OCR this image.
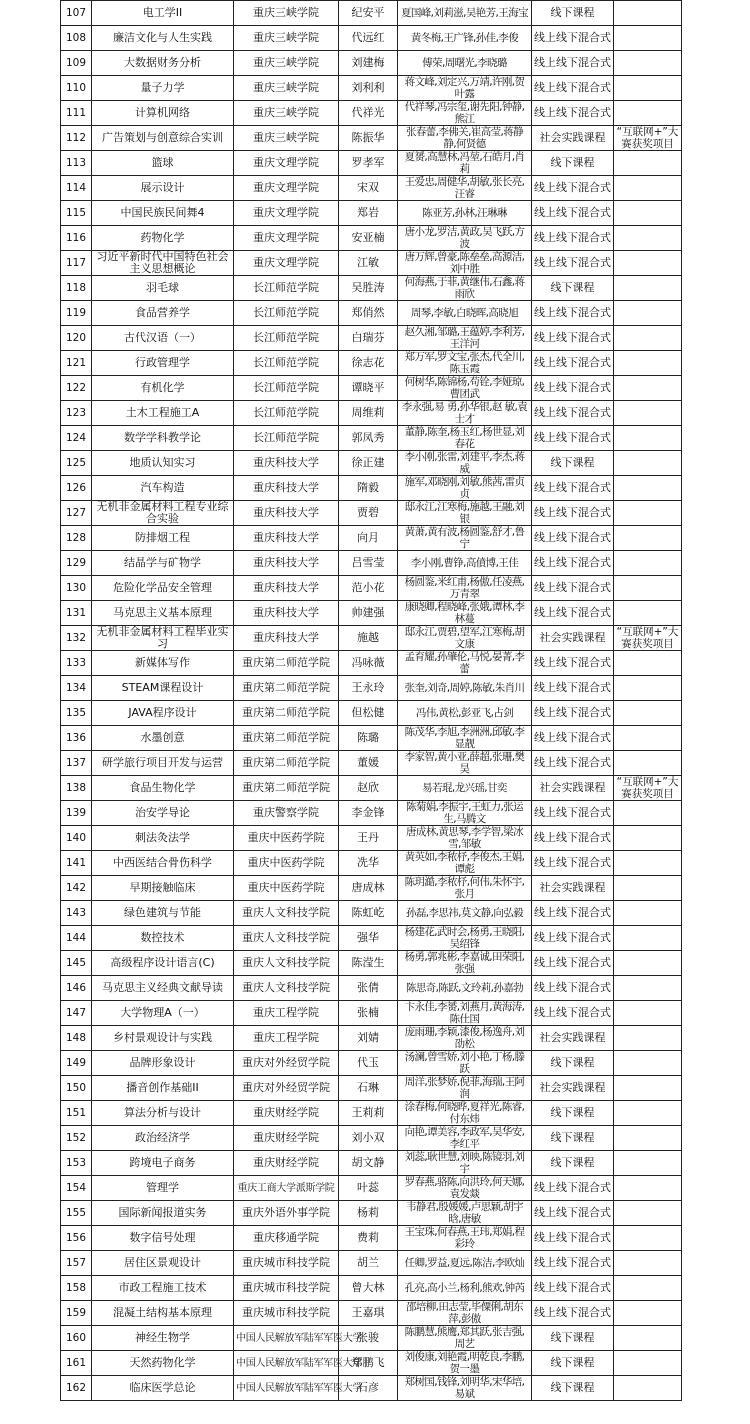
107	电工学II	重庆三峡学院	纪安平	夏国峰,刘莉滋,吴艳芳,王海宝	线下课程	
108	廉洁文化与人生实践	重庆三峡学院	代远红	黄冬梅,王广锋,孙佳,李俊	线上线下混合式	
109	大数据财务分析	重庆三峡学院	刘建梅	傅荣,周曙光,李晓璐	线上线下混合式	
110	量子力学	重庆三峡学院	刘利利	蒋文峰,刘定兴,万靖,许刚,贺叶露	线上线下混合式	
111	计算机网络	重庆三峡学院	代祥光	代祥琴,冯宗玺,谢先阳,钟静,熊江	线上线下混合式	
112	广告策划与创意综合实训	重庆三峡学院	陈振华	张春蕾,李佛关,崔高莹,蒋静静,何贤德	社会实践课程	“互联网+”大赛获奖项目
113	篮球	重庆文理学院	罗孝军	夏赟,高慧林,冯堃,石皓月,肖莉	线下课程	
114	展示设计	重庆文理学院	宋双	王爱忠,周健华,胡敏,张长亮,汪睿	线上线下混合式	
115	中国民族民间舞4	重庆文理学院	郑岩	陈亚芳,孙林,汪琳琳	线上线下混合式	
116	药物化学	重庆文理学院	安亚楠	唐小龙,罗洁,黄政,吴飞跃,方波	线上线下混合式	
117	习近平新时代中国特色社会主义思想概论	重庆文理学院	江敏	唐万辉,曾豪,陈垒垒,高源洁,刘中胜	线上线下混合式	
118	羽毛球	长江师范学院	吴胜涛	何海燕,于菲,黄继伟,石鑫,蒋雨欣	线下课程	
119	食品营养学	长江师范学院	郑俏然	周琴,李敏,白晓晖,高晓旭	线上线下混合式	
120	古代汉语（一）	长江师范学院	白瑞芬	赵久湘,邹璐,王蕴婷,李利芳,王洋河	线上线下混合式	
121	行政管理学	长江师范学院	徐志花	郑万军,罗文宝,张杰,代全川,陈玉霞	线上线下混合式	
122	有机化学	长江师范学院	谭晓平	何树华,陈锦杨,苟铨,李娅琼,曹团武	线上线下混合式	
123	土木工程施工A	长江师范学院	周维莉	李永强,易 勇,孙华银,赵 敏,袁士才	线上线下混合式	
124	数学学科教学论	长江师范学院	郭凤秀	董静,陈奎,杨玉红,杨世显,刘春花	线上线下混合式	
125	地质认知实习	重庆科技大学	徐正建	李小刚,张雷,刘建平,李杰,蒋威	线下课程	
126	汽车构造	重庆科技大学	隋毅	施军,邓晓刚,刘敏,熊茜,雷贞贞	线上线下混合式	
127	无机非金属材料工程专业综合实验	重庆科技大学	贾碧	邸永江,江寒梅,施越,王融,刘银	线上线下混合式	
128	防排烟工程	重庆科技大学	向月	黄萧,黄有波,杨圆鉴,舒才,鲁宁	线上线下混合式	
129	结晶学与矿物学	重庆科技大学	吕雪莹	李小刚,曹铮,高僨博,王佳	线上线下混合式	
130	危险化学品安全管理	重庆科技大学	范小花	杨圆鉴,米红甫,杨傲,任凌燕,万青翠	线上线下混合式	
131	马克思主义基本原理	重庆科技大学	帅建强	康晓卿,程晓峰,张娥,谭林,李林蔓	线上线下混合式	
132	无机非金属材料工程毕业实习	重庆科技大学	施越	邸永江,贾碧,望军,江寒梅,胡文康	社会实践课程	“互联网+”大赛获奖项目
133	新媒体写作	重庆第二师范学院	冯咏薇	孟育耀,孙肇伦,马悦,晏菁,李蕾	线上线下混合式	
134	STEAM课程设计	重庆第二师范学院	王永玲	张奎,刘奇,周婷,陈敏,朱肖川	线上线下混合式	
135	JAVA程序设计	重庆第二师范学院	但松健	冯伟,黄松,彭亚飞,占剑	线上线下混合式	
136	水墨创意	重庆第二师范学院	陈璐	陈茂华,李旭,李洲洲,邱敏,李显靓	线上线下混合式	
137	研学旅行项目开发与运营	重庆第二师范学院	董媛	李家智,黄小亚,薛超,张珊,樊昊	线上线下混合式	
138	食品生物化学	重庆第二师范学院	赵欣	易若琨,龙兴瑶,甘奕	社会实践课程	“互联网+”大赛获奖项目
139	治安学导论	重庆警察学院	李金锋	陈菊娟,李振宇,王虹力,张运生,马腾文	线上线下混合式	
140	刺法灸法学	重庆中医药学院	王丹	唐成林,黄思琴,李学智,梁冰雪,邹敏	线上线下混合式	
141	中西医结合骨伤科学	重庆中医药学院	冼华	黄英如,李秾杼,李俊杰,王娟,谭彪	线上线下混合式	
142	早期接触临床	重庆中医药学院	唐成林	陈玥澔,李秾杼,何伟,朱怀宇,张月	社会实践课程	
143	绿色建筑与节能	重庆人文科技学院	陈虹屹	孙磊,李思祎,莫文静,向弘毅	线上线下混合式	
144	数控技术	重庆人文科技学院	强华	杨建花,武时会,杨勇,王晓阳,吴绍锋	线上线下混合式	
145	高级程序设计语言(C)	重庆人文科技学院	陈滢生	杨勇,郭兆彬,李嘉诚,田荣阳,张强	线上线下混合式	
146	马克思主义经典文献导读	重庆人文科技学院	张倩	陈思奇,陈跃,文玲莉,孙嘉勃	线上线下混合式	
147	大学物理A（一）	重庆工程学院	张楠	卞永佳,李赟,刘燕月,黄海涛,陈仕国	线上线下混合式	
148	乡村景观设计与实践	重庆工程学院	刘婧	庞雨珊,李颖,漆俊,杨逸舟,刘劭松	社会实践课程	
149	品牌形象设计	重庆对外经贸学院	代玉	汤澜,曾雪娇,刘小艳,丁杨,滕跃	线下课程	
150	播音创作基础II	重庆对外经贸学院	石琳	周洋,张梦娇,倪菲,海瑞,王阿润	社会实践课程	
151	算法分析与设计	重庆财经学院	王莉莉	涂春梅,何晓晔,夏祥光,陈睿,付东炜	线下课程	
152	政治经济学	重庆财经学院	刘小双	向艳,谭美容,李政军,吴华安,李红平	线下课程	
153	跨境电子商务	重庆财经学院	胡文静	刘蕊,耿世慧,刘映,陈镜羽,刘宇	线下课程	
154	管理学	重庆工商大学派斯学院	叶蕊	罗春燕,骆陈,向洪玲,何天娜,袁发燚	线上线下混合式	
155	国际新闻报道实务	重庆外语外事学院	杨莉	韦静君,殷媛媛,卢思颖,胡宇晗,唐敏	线上线下混合式	
156	数字信号处理	重庆移通学院	费莉	王宝珠,何春燕,王玮,郑娟,程彩玲	线上线下混合式	
157	居住区景观设计	重庆城市科技学院	胡兰	任卿,罗益,夏远,陈洁,李欧灿	线上线下混合式	
158	市政工程施工技术	重庆城市科技学院	曾大林	孔亮,高小兰,杨利,熊欢,钟芮	线上线下混合式	
159	混凝土结构基本原理	重庆城市科技学院	王嘉琪	邵培柳,田志莹,毕僳俐,胡东萍,彭傲	线上线下混合式	
160	神经生物学	中国人民解放军陆军军医大学	张骏	陈鹏慧,熊鹰,郑其跃,张吉强,周艺	线下课程	
161	天然药物化学	中国人民解放军陆军军医大学	郑鹏飞	刘俊康,刘艳霞,明乾良,李鹏,贺一墨	线下课程	
162	临床医学总论	中国人民解放军陆军军医大学	石彦	郑树国,钱锋,刘明华,宋华培,易斌	线下课程	
